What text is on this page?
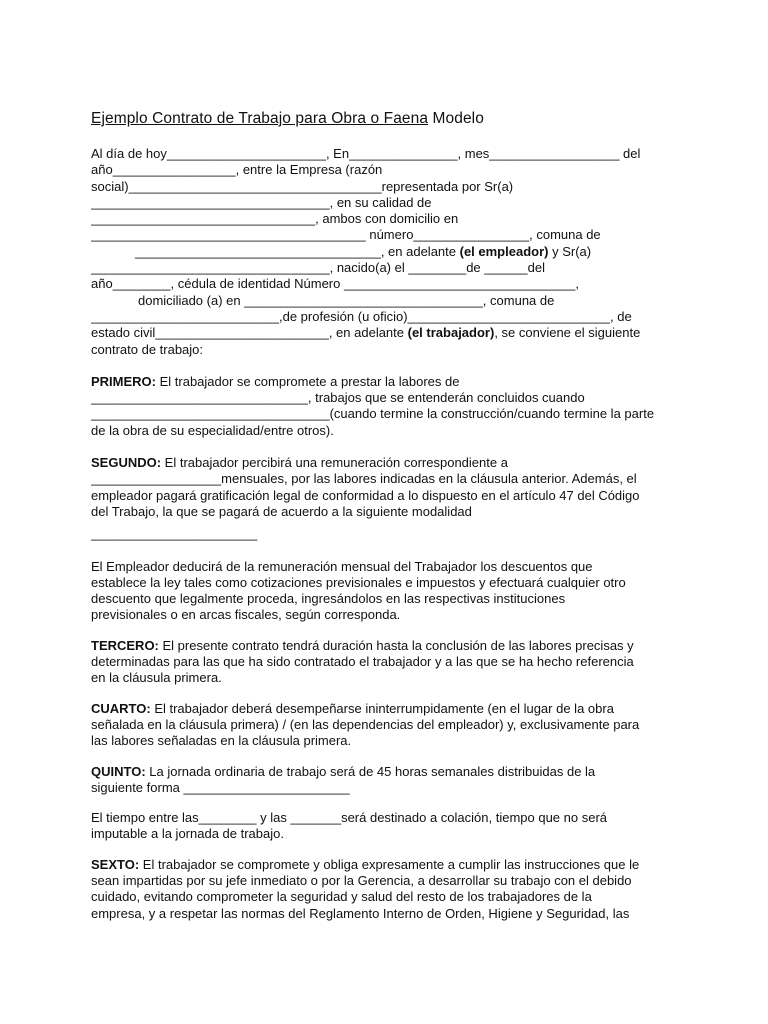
Ejemplo Contrato de Trabajo para Obra o Faena Modelo
Al día de hoy______________________, En_______________, mes__________________ del
año_________________, entre la Empresa (razón
social)___________________________________representada por Sr(a)
_________________________________, en su calidad de
_______________________________, ambos con domicilio en
______________________________________ número________________, comuna de
__________________________________, en adelante (el empleador) y Sr(a)
_________________________________, nacido(a) el ________de ______del
año________, cédula de identidad Número ________________________________,
domiciliado (a) en _________________________________, comuna de
__________________________,de profesión (u oficio)____________________________, de
estado civil________________________, en adelante (el trabajador), se conviene el siguiente
contrato de trabajo:
PRIMERO: El trabajador se compromete a prestar la labores de
______________________________, trabajos que se entenderán concluidos cuando
_________________________________(cuando termine la construcción/cuando termine la parte
de la obra de su especialidad/entre otros).
SEGUNDO: El trabajador percibirá una remuneración correspondiente a
__________________mensuales, por las labores indicadas en la cláusula anterior. Además, el
empleador pagará gratificación legal de conformidad a lo dispuesto en el artículo 47 del Código
del Trabajo, la que se pagará de acuerdo a la siguiente modalidad
_______________________
El Empleador deducirá de la remuneración mensual del Trabajador los descuentos que
establece la ley tales como cotizaciones previsionales e impuestos y efectuará cualquier otro
descuento que legalmente proceda, ingresándolos en las respectivas instituciones
previsionales o en arcas fiscales, según corresponda.
TERCERO: El presente contrato tendrá duración hasta la conclusión de las labores precisas y
determinadas para las que ha sido contratado el trabajador y a las que se ha hecho referencia
en la cláusula primera.
CUARTO: El trabajador deberá desempeñarse ininterrumpidamente (en el lugar de la obra
señalada en la cláusula primera) / (en las dependencias del empleador) y, exclusivamente para
las labores señaladas en la cláusula primera.
QUINTO: La jornada ordinaria de trabajo será de 45 horas semanales distribuidas de la
siguiente forma _______________________
El tiempo entre las________ y las _______será destinado a colación, tiempo que no será
imputable a la jornada de trabajo.
SEXTO: El trabajador se compromete y obliga expresamente a cumplir las instrucciones que le
sean impartidas por su jefe inmediato o por la Gerencia, a desarrollar su trabajo con el debido
cuidado, evitando comprometer la seguridad y salud del resto de los trabajadores de la
empresa, y a respetar las normas del Reglamento Interno de Orden, Higiene y Seguridad, las
